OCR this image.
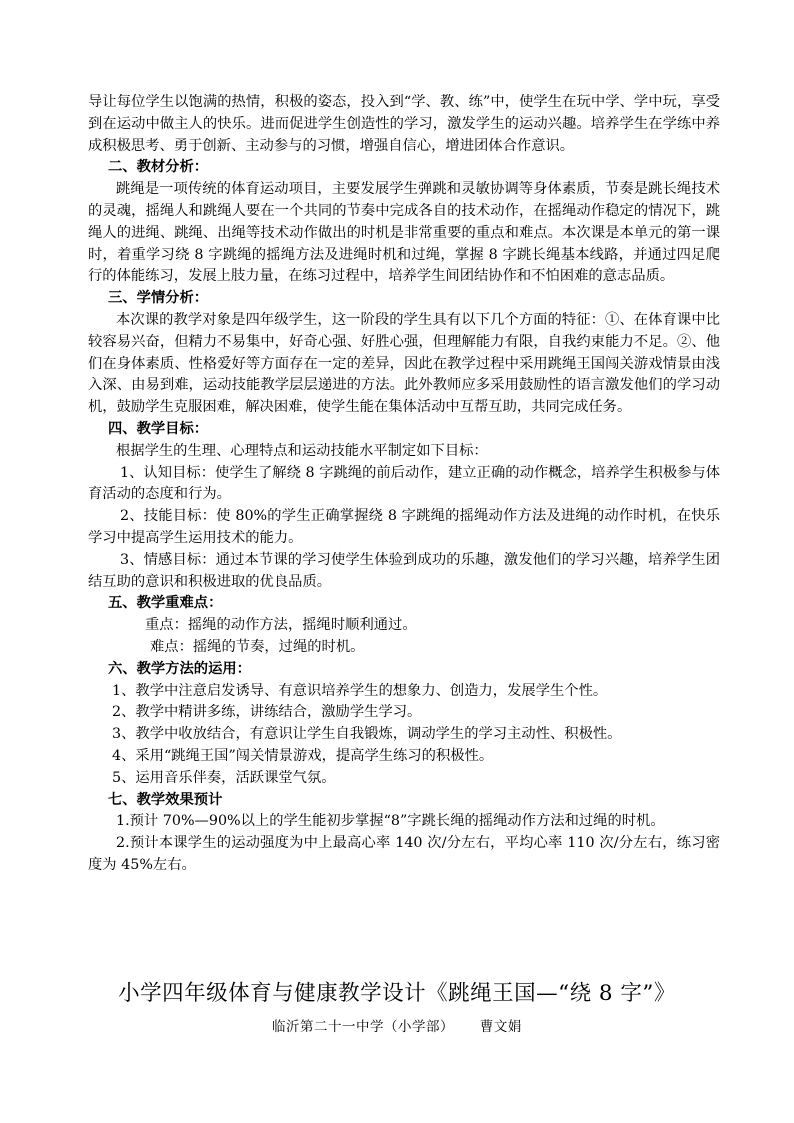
导让每位学生以饱满的热情，积极的姿态，投入到“学、教、练”中，使学生在玩中学、学中玩，享受到在运动中做主人的快乐。进而促进学生创造性的学习，激发学生的运动兴趣。培养学生在学练中养成积极思考、勇于创新、主动参与的习惯，增强自信心，增进团体合作意识。

二、教材分析：

跳绳是一项传统的体育运动项目，主要发展学生弹跳和灵敏协调等身体素质，节奏是跳长绳技术的灵魂，摇绳人和跳绳人要在一个共同的节奏中完成各自的技术动作，在摇绳动作稳定的情况下，跳绳人的进绳、跳绳、出绳等技术动作做出的时机是非常重要的重点和难点。本次课是本单元的第一课时，着重学习绕 8 字跳绳的摇绳方法及进绳时机和过绳，掌握 8 字跳长绳基本线路，并通过四足爬行的体能练习，发展上肢力量，在练习过程中，培养学生间团结协作和不怕困难的意志品质。

三、学情分析：

本次课的教学对象是四年级学生，这一阶段的学生具有以下几个方面的特征：①、在体育课中比较容易兴奋，但精力不易集中，好奇心强、好胜心强，但理解能力有限，自我约束能力不足。②、他们在身体素质、性格爱好等方面存在一定的差异，因此在教学过程中采用跳绳王国闯关游戏情景由浅入深、由易到难，运动技能教学层层递进的方法。此外教师应多采用鼓励性的语言激发他们的学习动机，鼓励学生克服困难，解决困难，使学生能在集体活动中互帮互助，共同完成任务。

四、教学目标：

根据学生的生理、心理特点和运动技能水平制定如下目标：

1、认知目标：使学生了解绕 8 字跳绳的前后动作，建立正确的动作概念，培养学生积极参与体育活动的态度和行为。

2、技能目标：使 80%的学生正确掌握绕 8 字跳绳的摇绳动作方法及进绳的动作时机，在快乐学习中提高学生运用技术的能力。

3、情感目标：通过本节课的学习使学生体验到成功的乐趣，激发他们的学习兴趣，培养学生团结互助的意识和积极进取的优良品质。

五、教学重难点：

重点：摇绳的动作方法，摇绳时顺利通过。

难点：摇绳的节奏，过绳的时机。

六、教学方法的运用：

1、教学中注意启发诱导、有意识培养学生的想象力、创造力，发展学生个性。

2、教学中精讲多练，讲练结合，激励学生学习。

3、教学中收放结合，有意识让学生自我锻炼，调动学生的学习主动性、积极性。

4、采用“跳绳王国”闯关情景游戏，提高学生练习的积极性。

5、运用音乐伴奏，活跃课堂气氛。

七、教学效果预计

1.预计 70%—90%以上的学生能初步掌握“8”字跳长绳的摇绳动作方法和过绳的时机。

2.预计本课学生的运动强度为中上最高心率 140 次/分左右，平均心率 110 次/分左右，练习密度为 45%左右。

小学四年级体育与健康教学设计《跳绳王国—“绕 8 字”》
临沂第二十一中学（小学部）   曹文娟
